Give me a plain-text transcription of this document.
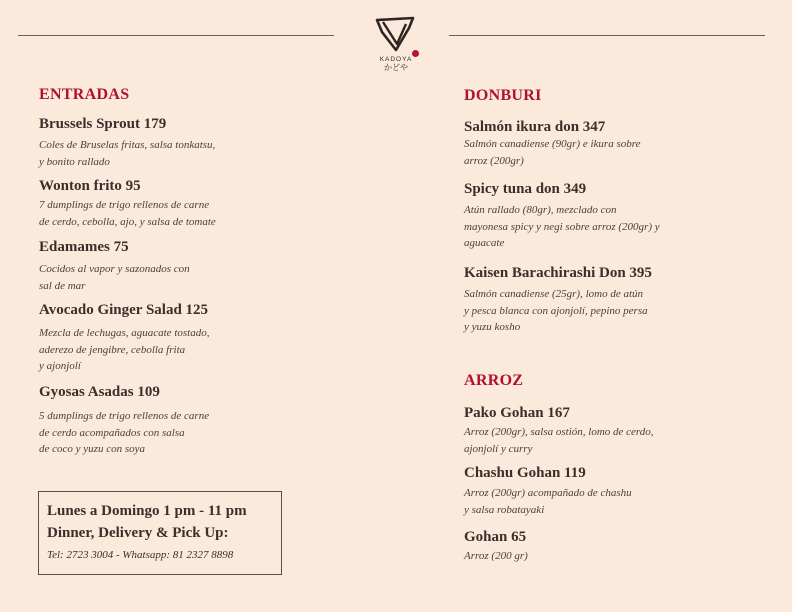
KADOYA
かどや
ENTRADAS
Brussels Sprout 179
Coles de Bruselas fritas, salsa tonkatsu,
y bonito rallado
Wonton frito 95
7 dumplings de trigo rellenos de carne
de cerdo, cebolla, ajo, y salsa de tomate
Edamames 75
Cocidos al vapor y sazonados con
sal de mar
Avocado Ginger Salad 125
Mezcla de lechugas, aguacate tostado,
aderezo de jengibre, cebolla frita
y ajonjolí
Gyosas Asadas 109
5 dumplings de trigo rellenos de carne
de cerdo acompañados con salsa
de coco y yuzu con soya
Lunes a Domingo 1 pm - 11 pm
Dinner, Delivery & Pick Up:
Tel: 2723 3004 - Whatsapp: 81 2327 8898
DONBURI
Salmón ikura don 347
Salmón canadiense (90gr) e ikura sobre
arroz (200gr)
Spicy tuna don 349
Atún rallado (80gr), mezclado con
mayonesa spicy y negi sobre arroz (200gr) y
aguacate
Kaisen Barachirashi Don 395
Salmón canadiense (25gr), lomo de atún
y pesca blanca con ajonjolí, pepino persa
y yuzu kosho
ARROZ
Pako Gohan 167
Arroz (200gr), salsa ostión, lomo de cerdo,
ajonjolí y curry
Chashu Gohan 119
Arroz (200gr) acompañado de chashu
y salsa robatayaki
Gohan 65
Arroz (200 gr)
